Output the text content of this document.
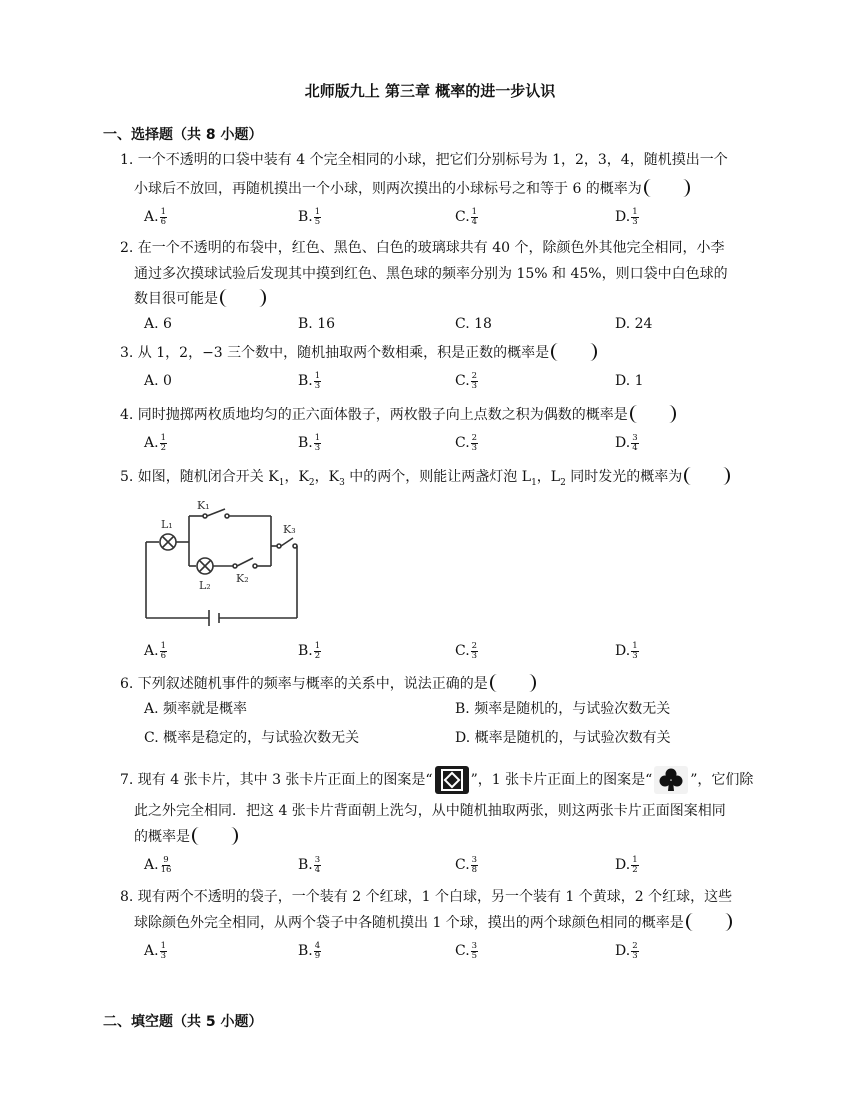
北师版九上 第三章 概率的进一步认识
一、选择题（共 8 小题）
1. 一个不透明的口袋中装有 4 个完全相同的小球，把它们分别标号为 1，2，3，4，随机摸出一个
小球后不放回，再随机摸出一个小球，则两次摸出的小球标号之和等于 6 的概率为
A. $\frac{1}{6}$	B. $\frac{1}{5}$	C. $\frac{1}{4}$	D. $\frac{1}{3}$
2. 在一个不透明的布袋中，红色、黑色、白色的玻璃球共有 40 个，除颜色外其他完全相同，小李
通过多次摸球试验后发现其中摸到红色、黑色球的频率分别为 15% 和 45%，则口袋中白色球的
数目很可能是
A. 6	B. 16	C. 18	D. 24
3. 从 1，2，−3 三个数中，随机抽取两个数相乘，积是正数的概率是
A. 0	B. $\frac{1}{3}$	C. $\frac{2}{3}$	D. 1
4. 同时抛掷两枚质地均匀的正六面体骰子，两枚骰子向上点数之积为偶数的概率是
A. $\frac{1}{2}$	B. $\frac{1}{3}$	C. $\frac{2}{3}$	D. $\frac{3}{4}$
5. 如图，随机闭合开关 $K_1$，$K_2$，$K_3$ 中的两个，则能让两盏灯泡 $L_1$，$L_2$ 同时发光的概率为
L₁
K₁
K₃
L₂
K₂
A. $\frac{1}{6}$	B. $\frac{1}{2}$	C. $\frac{2}{3}$	D. $\frac{1}{3}$
6. 下列叙述随机事件的频率与概率的关系中，说法正确的是
A. 频率就是概率	B. 频率是随机的，与试验次数无关
C. 概率是稳定的，与试验次数无关	D. 概率是随机的，与试验次数有关
7. 现有 4 张卡片，其中 3 张卡片正面上的图案是“	”，1 张卡片正面上的图案是“	”，它们除
此之外完全相同．把这 4 张卡片背面朝上洗匀，从中随机抽取两张，则这两张卡片正面图案相同
的概率是
A. $\frac{9}{16}$	B. $\frac{3}{4}$	C. $\frac{3}{8}$	D. $\frac{1}{2}$
8. 现有两个不透明的袋子，一个装有 2 个红球，1 个白球，另一个装有 1 个黄球，2 个红球，这些
球除颜色外完全相同，从两个袋子中各随机摸出 1 个球，摸出的两个球颜色相同的概率是
A. $\frac{1}{3}$	B. $\frac{4}{9}$	C. $\frac{3}{5}$	D. $\frac{2}{3}$
二、填空题（共 5 小题）
